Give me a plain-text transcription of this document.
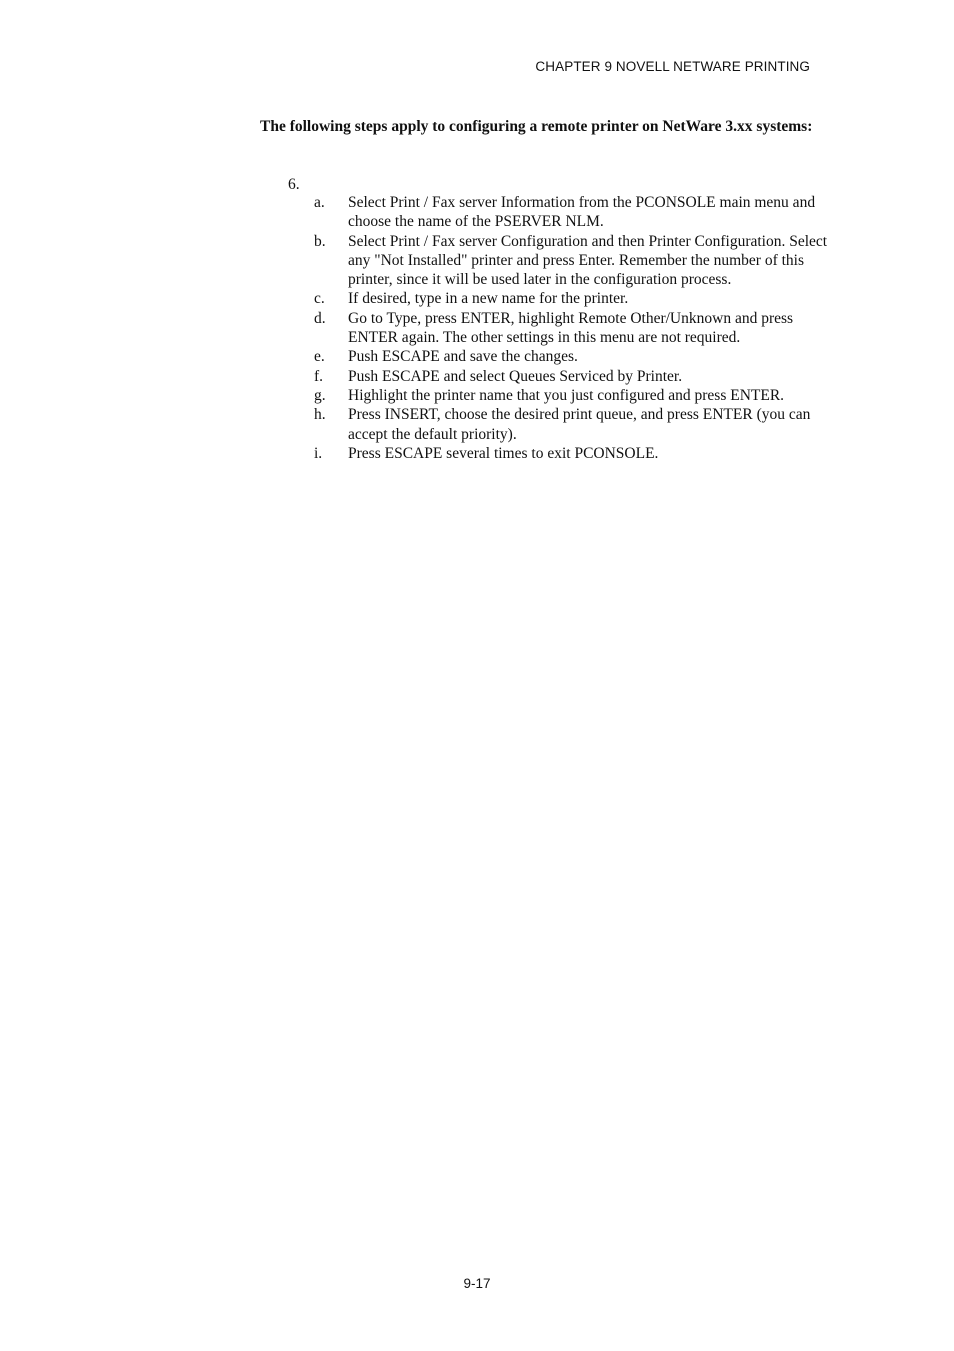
CHAPTER 9 NOVELL NETWARE PRINTING
The following steps apply to configuring a remote printer on NetWare 3.xx systems:
6.
a. Select Print / Fax server Information from the PCONSOLE main menu and choose the name of the PSERVER NLM.
b. Select Print / Fax server Configuration and then Printer Configuration. Select any "Not Installed" printer and press Enter. Remember the number of this printer, since it will be used later in the configuration process.
c. If desired, type in a new name for the printer.
d. Go to Type, press ENTER, highlight Remote Other/Unknown and press ENTER again. The other settings in this menu are not required.
e. Push ESCAPE and save the changes.
f. Push ESCAPE and select Queues Serviced by Printer.
g. Highlight the printer name that you just configured and press ENTER.
h. Press INSERT, choose the desired print queue, and press ENTER (you can accept the default priority).
i. Press ESCAPE several times to exit PCONSOLE.
9-17
